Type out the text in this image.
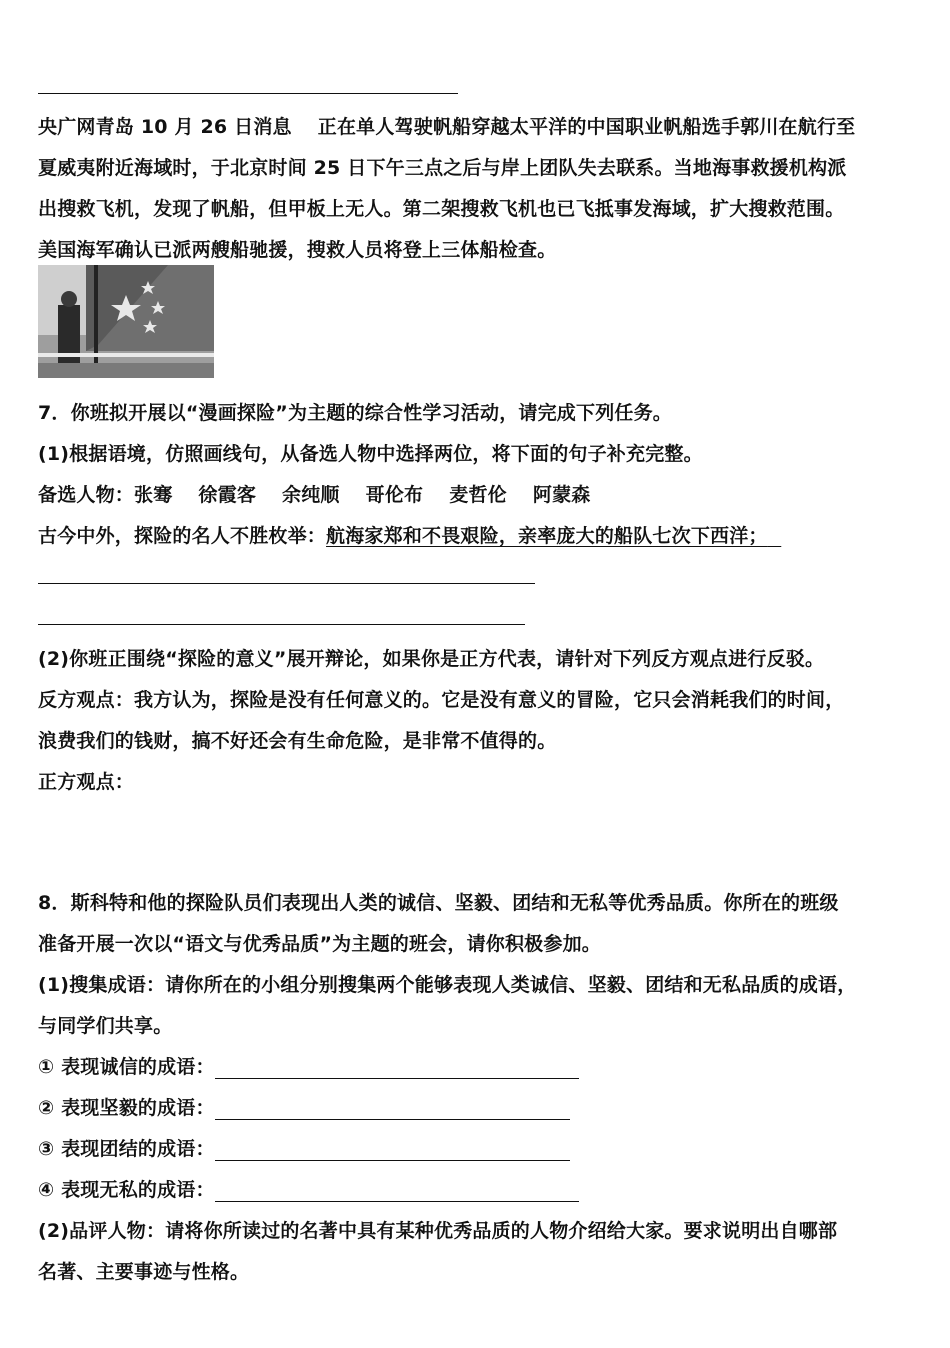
央广网青岛 10 月 26 日消息　 正在单人驾驶帆船穿越太平洋的中国职业帆船选手郭川在航行至
夏威夷附近海域时，于北京时间 25 日下午三点之后与岸上团队失去联系。当地海事救援机构派
出搜救飞机，发现了帆船，但甲板上无人。第二架搜救飞机也已飞抵事发海域，扩大搜救范围。
美国海军确认已派两艘船驰援，搜救人员将登上三体船检查。
7．你班拟开展以“漫画探险”为主题的综合性学习活动，请完成下列任务。
(1)根据语境，仿照画线句，从备选人物中选择两位，将下面的句子补充完整。
备选人物：张骞　 徐霞客　 余纯顺　 哥伦布　 麦哲伦　 阿蒙森
古今中外，探险的名人不胜枚举：航海家郑和不畏艰险，亲率庞大的船队七次下西洋；
(2)你班正围绕“探险的意义”展开辩论，如果你是正方代表，请针对下列反方观点进行反驳。
反方观点：我方认为，探险是没有任何意义的。它是没有意义的冒险，它只会消耗我们的时间，
浪费我们的钱财，搞不好还会有生命危险，是非常不值得的。
正方观点：
8．斯科特和他的探险队员们表现出人类的诚信、坚毅、团结和无私等优秀品质。你所在的班级
准备开展一次以“语文与优秀品质”为主题的班会，请你积极参加。
(1)搜集成语：请你所在的小组分别搜集两个能够表现人类诚信、坚毅、团结和无私品质的成语，
与同学们共享。
① 表现诚信的成语：
② 表现坚毅的成语：
③ 表现团结的成语：
④ 表现无私的成语：
(2)品评人物：请将你所读过的名著中具有某种优秀品质的人物介绍给大家。要求说明出自哪部
名著、主要事迹与性格。
